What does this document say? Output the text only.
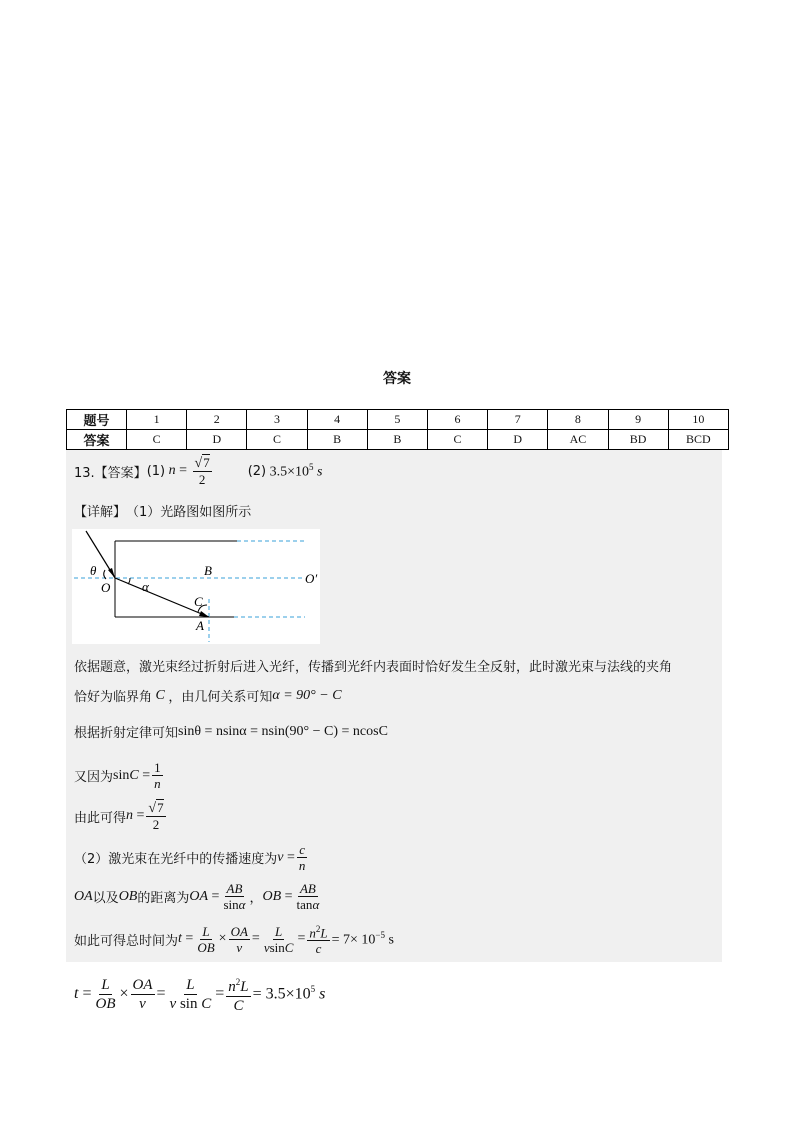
答案
题号	1	2	3	4	5	6	7	8	9	10
答案	C	D	C	B	B	C	D	AC	BD	BCD
13.【答案】 (1) $n = \frac{√7}{2}$	(2) $3.5\times 10^5$ s
【详解】 （1）光路图如图所示
θ
O α
B
O′
C
A
依据题意，激光束经过折射后进入光纤，传播到光纤内表面时恰好发生全反射，此时激光束与法线的夹角
恰好为临界角 C ，由几何关系可知 α = 90° − C
根据折射定律可知 sinθ = nsinα = nsin(90° − C) = ncosC
又因为 $\sin C = \frac{1}{n}$
由此可得 $n = \frac{√7}{2}$
（2）激光束在光纤中的传播速度为 $v = \frac{c}{n}$
OA 以及 OB 的距离为 OA = $\frac{AB}{\sin\alpha}$ ， OB = $\frac{AB}{\tan\alpha}$
如此可得总时间为 $t = \frac{L}{OB} \times \frac{OA}{v} = \frac{L}{vsinC} = \frac{n^2L}{c} = 7\times 10^{-5}$ s
$t = \frac{L}{OB} \times \frac{OA}{v} = \frac{L}{\text{v sin C}} = \frac{n^2L}{C} = 3.5\times 10^5$ s
